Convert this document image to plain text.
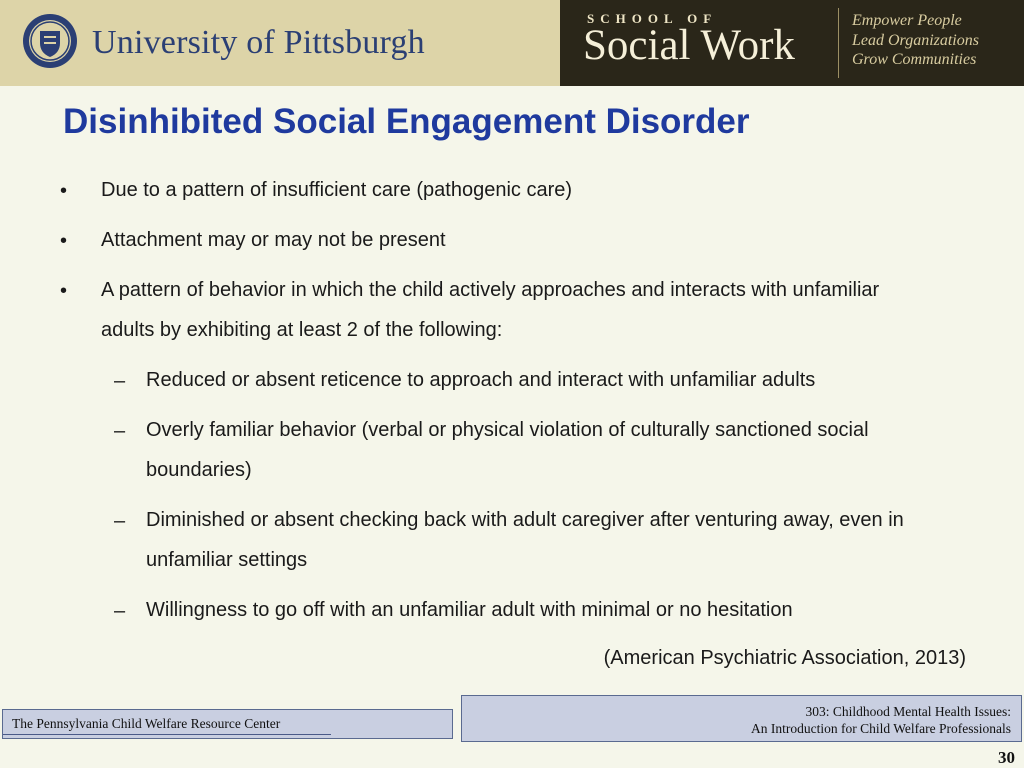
University of Pittsburgh
SCHOOL OF
Social Work
Empower People
Lead Organizations
Grow Communities
Disinhibited Social Engagement Disorder
• Due to a pattern of insufficient care (pathogenic care)
• Attachment may or may not be present
• A pattern of behavior in which the child actively approaches and interacts with unfamiliar adults by exhibiting at least 2 of the following:
– Reduced or absent reticence to approach and interact with unfamiliar adults
– Overly familiar behavior (verbal or physical violation of culturally sanctioned social boundaries)
– Diminished or absent checking back with adult caregiver after venturing away, even in unfamiliar settings
– Willingness to go off with an unfamiliar adult with minimal or no hesitation
(American Psychiatric Association, 2013)
The Pennsylvania Child Welfare Resource Center
303: Childhood Mental Health Issues:
An Introduction for Child Welfare Professionals
30
